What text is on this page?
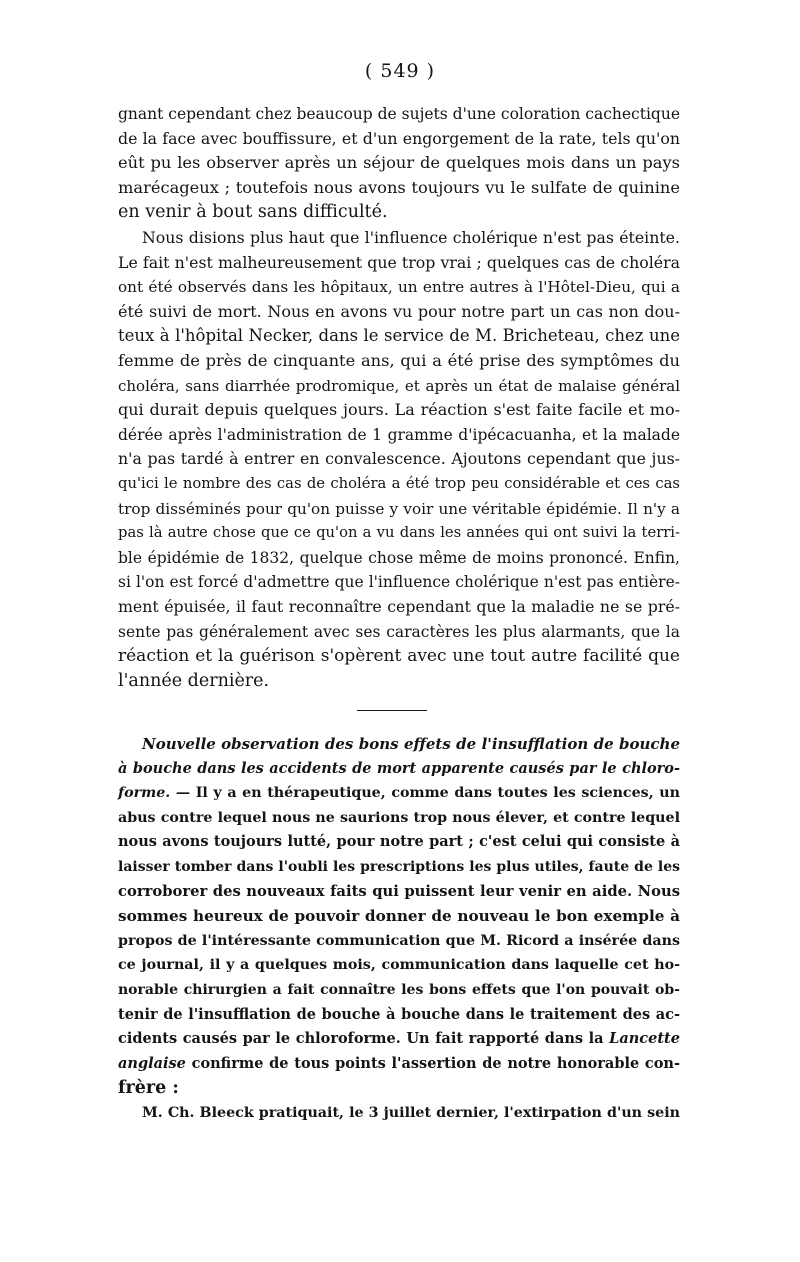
( 549 )
gnant cependant chez beaucoup de sujets d'une coloration cachectique
de la face avec bouffissure, et d'un engorgement de la rate, tels qu'on
eût pu les observer après un séjour de quelques mois dans un pays
marécageux ; toutefois nous avons toujours vu le sulfate de quinine
en venir à bout sans difficulté.
Nous disions plus haut que l'influence cholérique n'est pas éteinte.
Le fait n'est malheureusement que trop vrai ; quelques cas de choléra
ont été observés dans les hôpitaux, un entre autres à l'Hôtel-Dieu, qui a
été suivi de mort. Nous en avons vu pour notre part un cas non dou-
teux à l'hôpital Necker, dans le service de M. Bricheteau, chez une
femme de près de cinquante ans, qui a été prise des symptômes du
choléra, sans diarrhée prodromique, et après un état de malaise général
qui durait depuis quelques jours. La réaction s'est faite facile et mo-
dérée après l'administration de 1 gramme d'ipécacuanha, et la malade
n'a pas tardé à entrer en convalescence. Ajoutons cependant que jus-
qu'ici le nombre des cas de choléra a été trop peu considérable et ces cas
trop disséminés pour qu'on puisse y voir une véritable épidémie. Il n'y a
pas là autre chose que ce qu'on a vu dans les années qui ont suivi la terri-
ble épidémie de 1832, quelque chose même de moins prononcé. Enfin,
si l'on est forcé d'admettre que l'influence cholérique n'est pas entière-
ment épuisée, il faut reconnaître cependant que la maladie ne se pré-
sente pas généralement avec ses caractères les plus alarmants, que la
réaction et la guérison s'opèrent avec une tout autre facilité que
l'année dernière.
Nouvelle observation des bons effets de l'insufflation de bouche
à bouche dans les accidents de mort apparente causés par le chloro-
forme. — Il y a en thérapeutique, comme dans toutes les sciences, un
abus contre lequel nous ne saurions trop nous élever, et contre lequel
nous avons toujours lutté, pour notre part ; c'est celui qui consiste à
laisser tomber dans l'oubli les prescriptions les plus utiles, faute de les
corroborer des nouveaux faits qui puissent leur venir en aide. Nous
sommes heureux de pouvoir donner de nouveau le bon exemple à
propos de l'intéressante communication que M. Ricord a insérée dans
ce journal, il y a quelques mois, communication dans laquelle cet ho-
norable chirurgien a fait connaître les bons effets que l'on pouvait ob-
tenir de l'insufflation de bouche à bouche dans le traitement des ac-
cidents causés par le chloroforme. Un fait rapporté dans la Lancette
anglaise confirme de tous points l'assertion de notre honorable con-
frère :
M. Ch. Bleeck pratiquait, le 3 juillet dernier, l'extirpation d'un sein
